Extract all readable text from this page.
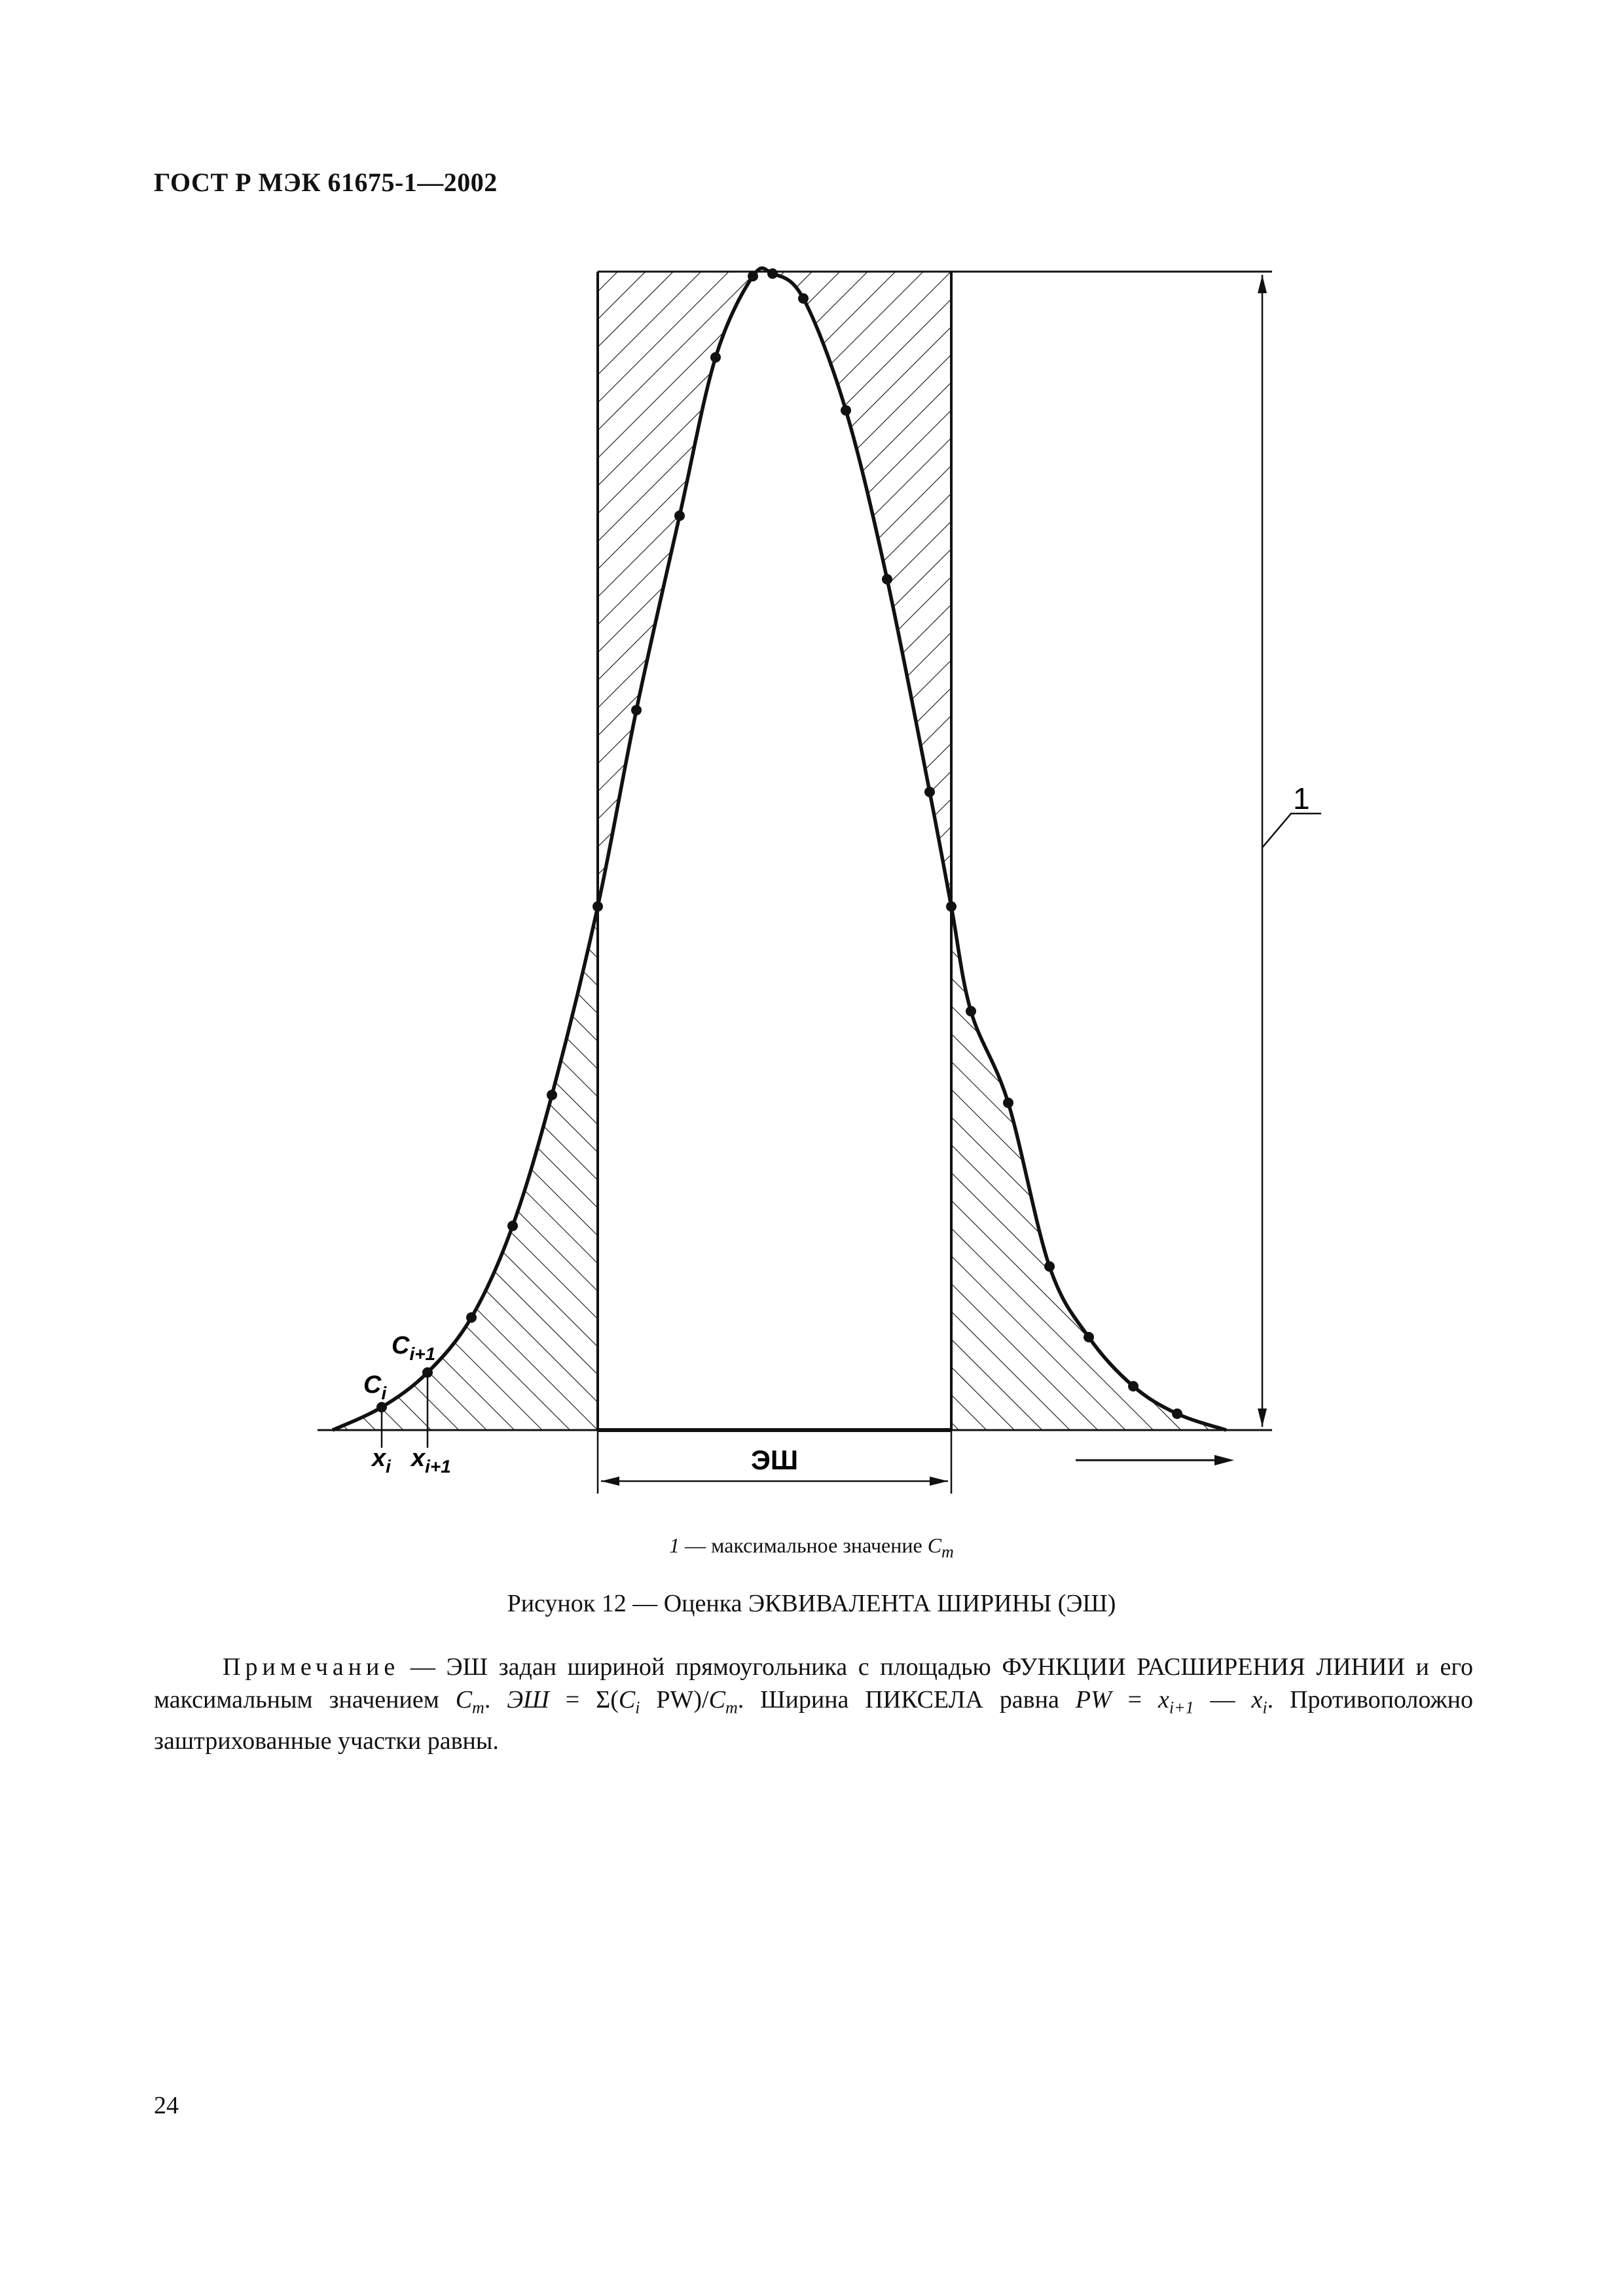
ГОСТ Р МЭК 61675-1—2002
1
ЭШ
$C_i$
$C_{i+1}$
$x_i$ $x_{i+1}$
1 — максимальное значение $C_m$
Рисунок 12 — Оценка ЭКВИВАЛЕНТА ШИРИНЫ (ЭШ)
Примечание — ЭШ задан шириной прямоугольника с площадью ФУНКЦИИ РАСШИРЕНИЯ ЛИНИИ и его максимальным значением $C_m$. ЭШ = $\Sigma(C_i$ $PW)/C_m$. Ширина ПИКСЕЛА равна PW = $x_{i+1}$ — $x_i$. Противоположно заштрихованные участки равны.
24
